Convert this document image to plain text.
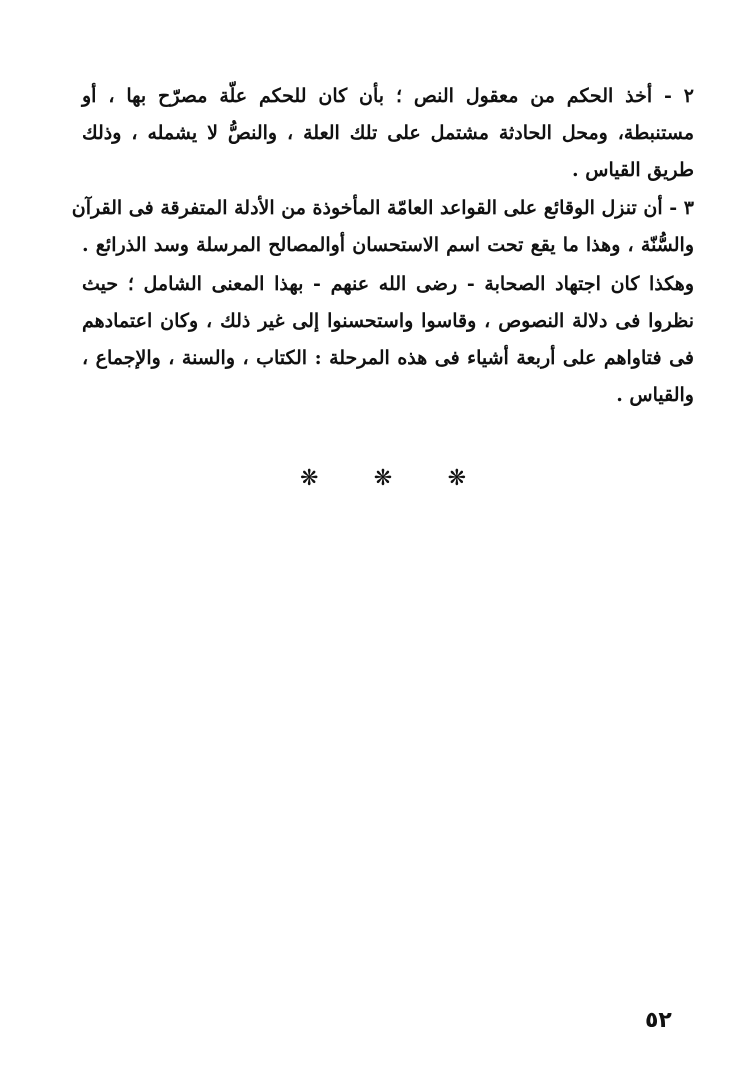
٢ - أخذ الحكم من معقول النص ؛ بأن كان للحكم علّة مصرّح بها ، أو
مستنبطة، ومحل الحادثة مشتمل على تلك العلة ، والنصُّ لا يشمله ، وذلك
طريق القياس .
٣ - أن تنزل الوقائع على القواعد العامّة المأخوذة من الأدلة المتفرقة فى القرآن
والسُّنّة ، وهذا ما يقع تحت اسم الاستحسان أوالمصالح المرسلة وسد الذرائع .
وهكذا كان اجتهاد الصحابة - رضى الله عنهم - بهذا المعنى الشامل ؛ حيث
نظروا فى دلالة النصوص ، وقاسوا واستحسنوا إلى غير ذلك ، وكان اعتمادهم
فى فتاواهم على أربعة أشياء فى هذه المرحلة : الكتاب ، والسنة ، والإجماع ،
والقياس .
❋	❋	❋
٥٢
